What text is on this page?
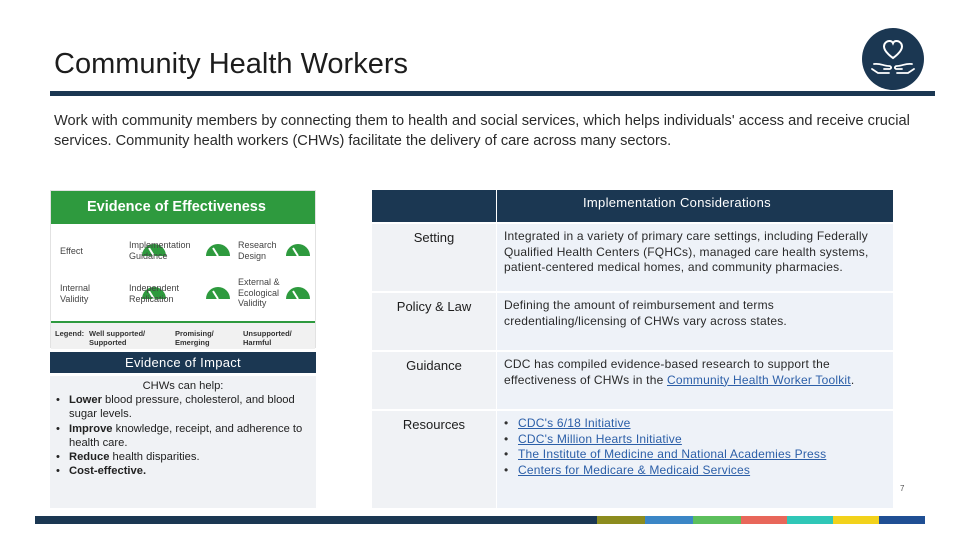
Community Health Workers
Work with community members by connecting them to health and social services, which helps individuals' access and receive crucial services. Community health workers (CHWs) facilitate the delivery of care across many sectors.
Evidence of Effectiveness
Effect
Implementation Guidance
Research Design
Internal Validity
Independent Replication
External & Ecological Validity
Legend: Well supported/ Supported
Promising/ Emerging
Unsupported/ Harmful
Evidence of Impact
CHWs can help:
• Lower blood pressure, cholesterol, and blood sugar levels.
• Improve knowledge, receipt, and adherence to health care.
• Reduce health disparities.
• Cost-effective.
Implementation Considerations
Setting	Integrated in a variety of primary care settings, including Federally Qualified Health Centers (FQHCs), managed care health systems, patient-centered medical homes, and community pharmacies.
Policy & Law	Defining the amount of reimbursement and terms credentialing/licensing of CHWs vary across states.
Guidance	CDC has compiled evidence-based research to support the effectiveness of CHWs in the Community Health Worker Toolkit.
Resources
•	CDC's 6/18 Initiative
• CDC's Million Hearts Initiative
• The Institute of Medicine and National Academies Press
• Centers for Medicare & Medicaid Services
7
